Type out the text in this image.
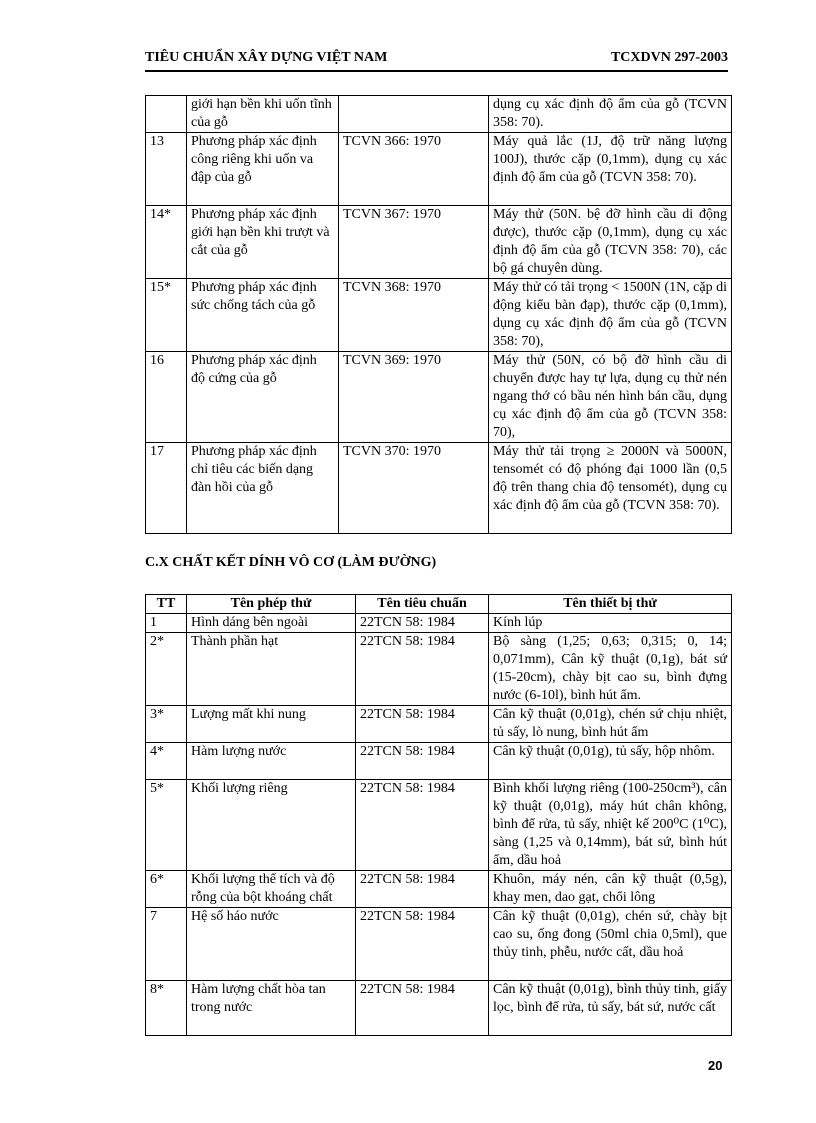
TIÊU CHUẨN XÂY DỰNG VIỆT NAM	TCXDVN 297-2003
	giới hạn bền khi uốn tĩnh của gỗ		dụng cụ xác định độ ẩm của gỗ (TCVN 358: 70).
13	Phương pháp xác định công riêng khi uốn va đập của gỗ	TCVN 366: 1970	Máy quả lắc (1J, độ trữ năng lượng 100J), thước cặp (0,1mm), dụng cụ xác định độ ẩm của gỗ (TCVN 358: 70).
14*	Phương pháp xác định giới hạn bền khi trượt và cắt của gỗ	TCVN 367: 1970	Máy thử (50N. bệ đỡ hình cầu di động được), thước cặp (0,1mm), dụng cụ xác định độ ẩm của gỗ (TCVN 358: 70), các bộ gá chuyên dùng.
15*	Phương pháp xác định sức chống tách của gỗ	TCVN 368: 1970	Máy thử có tải trọng < 1500N (1N, cặp di động kiểu bàn đạp), thước cặp (0,1mm), dụng cụ xác định độ ẩm của gỗ (TCVN 358: 70),
16	Phương pháp xác định độ cứng của gỗ	TCVN 369: 1970	Máy thử (50N, có bộ đỡ hình cầu di chuyển được hay tự lựa, dụng cụ thử nén ngang thớ có bầu nén hình bán cầu, dụng cụ xác định độ ẩm của gỗ (TCVN 358: 70),
17	Phương pháp xác định chỉ tiêu các biến dạng đàn hồi của gỗ	TCVN 370: 1970	Máy thử tải trọng ≥ 2000N và 5000N, tensomét có độ phóng đại 1000 lần (0,5 độ trên thang chia độ tensomét), dụng cụ xác định độ ẩm của gỗ (TCVN 358: 70).
C.X CHẤT KẾT DÍNH VÔ CƠ (LÀM ĐƯỜNG)
TT	Tên phép thử	Tên tiêu chuẩn	Tên thiết bị thử
1	Hình dáng bên ngoài	22TCN 58: 1984	Kính lúp
2*	Thành phần hạt	22TCN 58: 1984	Bộ sàng (1,25; 0,63; 0,315; 0, 14; 0,071mm), Cân kỹ thuật (0,1g), bát sứ (15-20cm), chày bịt cao su, bình đựng nước (6-10l), bình hút ẩm.
3*	Lượng mất khi nung	22TCN 58: 1984	Cân kỹ thuật (0,01g), chén sứ chịu nhiệt, tủ sấy, lò nung, bình hút ẩm
4*	Hàm lượng nước	22TCN 58: 1984	Cân kỹ thuật (0,01g), tủ sấy, hộp nhôm.
5*	Khối lượng riêng	22TCN 58: 1984	Bình khối lượng riêng (100-250cm³), cân kỹ thuật (0,01g), máy hút chân không, bình để rửa, tủ sấy, nhiệt kế 200⁰C (1⁰C), sàng (1,25 và 0,14mm), bát sứ, bình hút ẩm, dầu hoả
6*	Khối lượng thể tích và độ rỗng của bột khoáng chất	22TCN 58: 1984	Khuôn, máy nén, cân kỹ thuật (0,5g), khay men, dao gạt, chổi lông
7	Hệ số háo nước	22TCN 58: 1984	Cân kỹ thuật (0,01g), chén sứ, chày bịt cao su, ống đong (50ml chia 0,5ml), que thủy tinh, phễu, nước cất, dầu hoả
8*	Hàm lượng chất hòa tan trong nước	22TCN 58: 1984	Cân kỹ thuật (0,01g), bình thủy tinh, giấy lọc, bình để rửa, tủ sấy, bát sứ, nước cất
20
